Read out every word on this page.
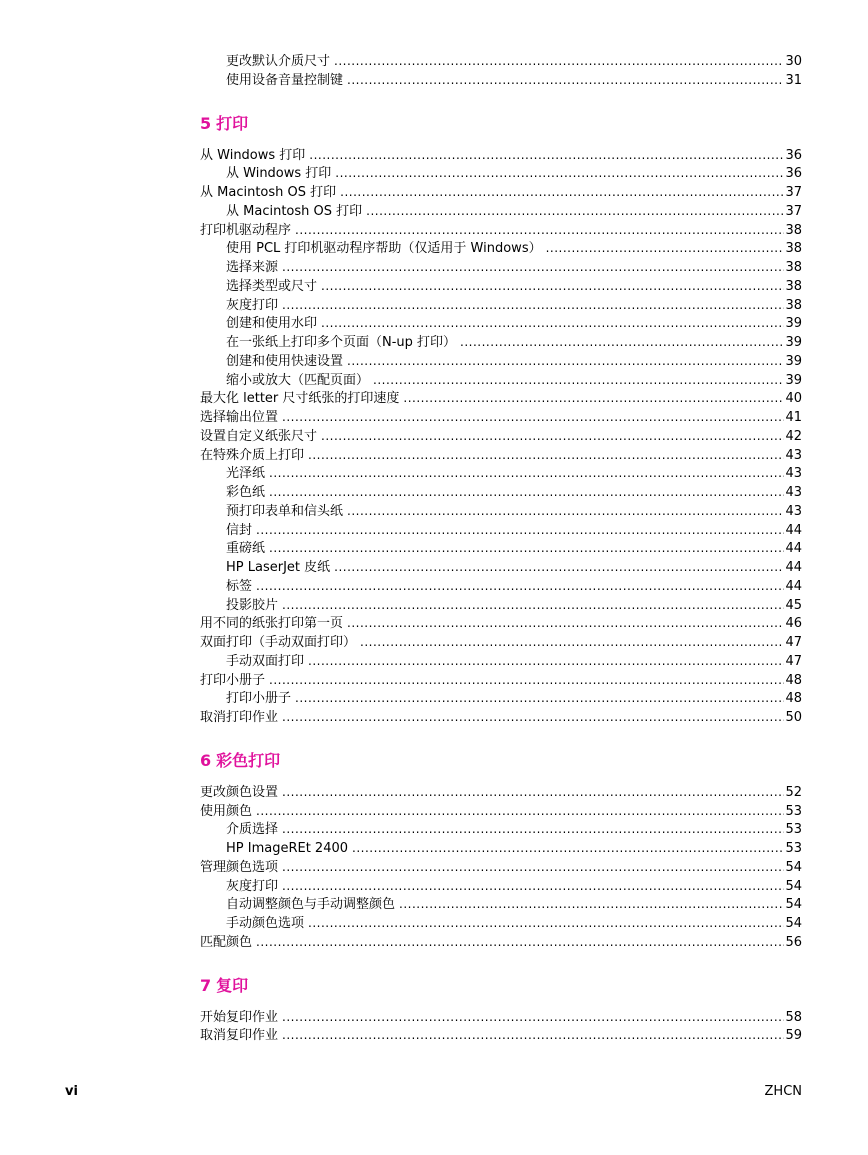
更改默认介质尺寸 .....	30
使用设备音量控制键 .....	31
5 打印
从 Windows 打印 .....	36
从 Windows 打印 .....	36
从 Macintosh OS 打印 .....	37
从 Macintosh OS 打印 .....	37
打印机驱动程序 .....	38
使用 PCL 打印机驱动程序帮助（仅适用于 Windows） .....	38
选择来源 .....	38
选择类型或尺寸 .....	38
灰度打印 .....	38
创建和使用水印 .....	39
在一张纸上打印多个页面（N-up 打印） .....	39
创建和使用快速设置 .....	39
缩小或放大（匹配页面） .....	39
最大化 letter 尺寸纸张的打印速度 .....	40
选择输出位置 .....	41
设置自定义纸张尺寸 .....	42
在特殊介质上打印 .....	43
光泽纸 .....	43
彩色纸 .....	43
预打印表单和信头纸 .....	43
信封 .....	44
重磅纸 .....	44
HP LaserJet 皮纸 .....	44
标签 .....	44
投影胶片 .....	45
用不同的纸张打印第一页 .....	46
双面打印（手动双面打印） .....	47
手动双面打印 .....	47
打印小册子 .....	48
打印小册子 .....	48
取消打印作业 .....	50
6 彩色打印
更改颜色设置 .....	52
使用颜色 .....	53
介质选择 .....	53
HP ImageREt 2400 .....	53
管理颜色选项 .....	54
灰度打印 .....	54
自动调整颜色与手动调整颜色 .....	54
手动颜色选项 .....	54
匹配颜色 .....	56
7 复印
开始复印作业 .....	58
取消复印作业 .....	59
vi	ZHCN
